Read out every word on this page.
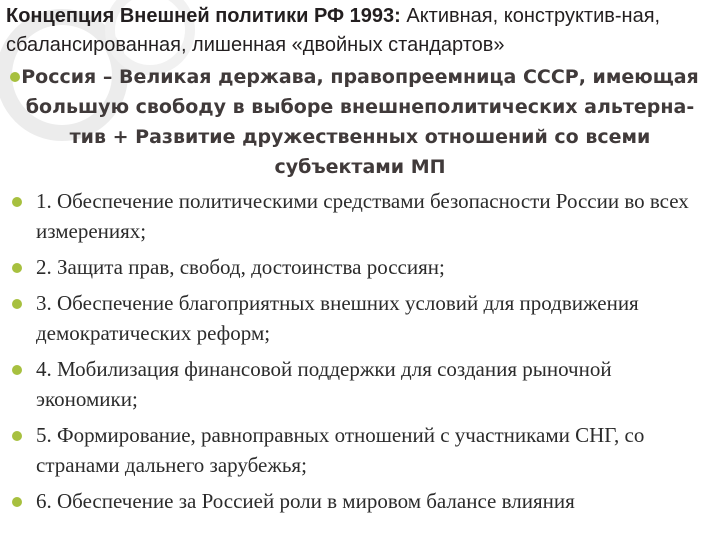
Концепция Внешней политики РФ 1993: Активная, конструктив-ная, сбалансированная, лишенная «двойных стандартов»
Россия – Великая держава, правопреемница СССР, имеющая большую свободу в выборе внешнеполитических альтерна-тив + Развитие дружественных отношений со всеми субъектами МП
1. Обеспечение политическими средствами безопасности России во всех измерениях;
2. Защита прав, свобод, достоинства россиян;
3. Обеспечение благоприятных внешних условий для продвижения демократических реформ;
4. Мобилизация финансовой поддержки для создания рыночной экономики;
5. Формирование, равноправных отношений с участниками СНГ, со странами дальнего зарубежья;
6. Обеспечение за Россией роли в мировом балансе влияния
